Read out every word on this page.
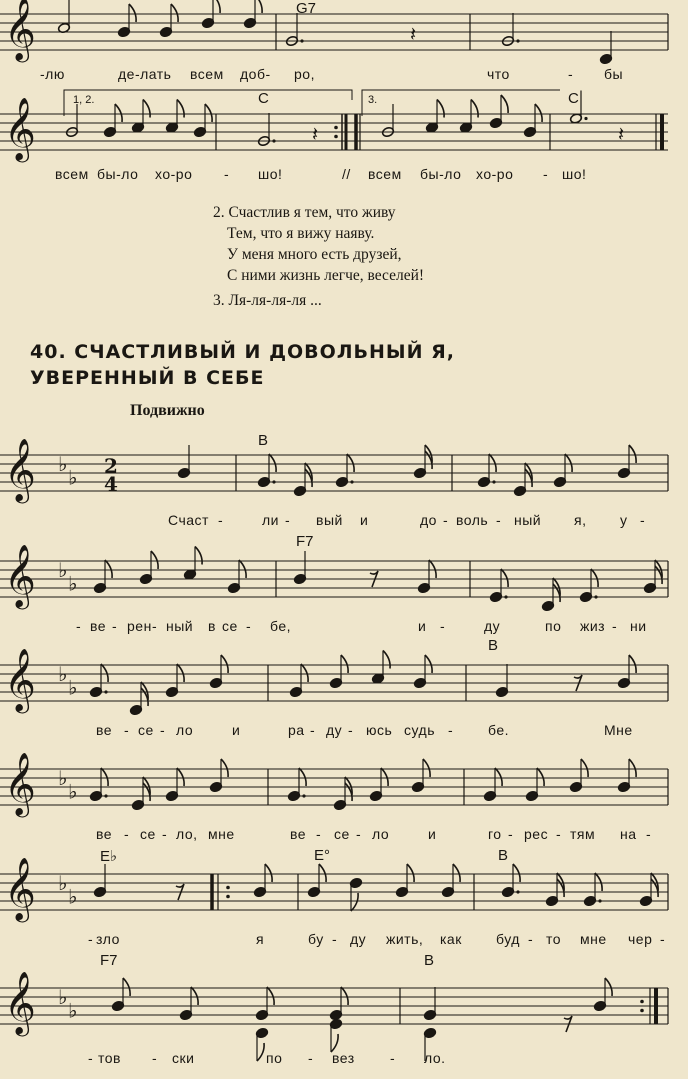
𝄞	𝄽
𝄞	𝄽	𝄽
𝄞 ♭
♭
𝄞 ♭
♭
𝄞 ♭
♭
𝄞 ♭
♭
𝄞 ♭
♭
𝄞 ♭
♭
2
4
G7
C	C
1, 2.	3.
-лю	де-лать всем доб- ро,	что	- бы
всем бы-ло хо-ро - шо!	// всем бы-ло хо-ро - шо!
2. Счастлив я тем, что живу
Тем, что я вижу наяву.
У меня много есть друзей,
С ними жизнь легче, веселей!
3. Ля-ля-ля-ля ...
40. СЧАСТЛИВЫЙ И ДОВОЛЬНЫЙ Я,
УВЕРЕННЫЙ В СЕБЕ
Подвижно
B
F7
B
E♭	E°	B
F7	B
Счаст -	ли - вый и	до - воль - ный я, у -
- ве - рен - ный в се - бе,	и -	ду	по жиз - ни
ве - се - ло	и	ра - ду - юсь судь - бе.	Мне
ве - се - ло, мне	ве - се - ло	и	го - рес - тям на -
- зло	я	бу - ду жить, как буд - то мне чер -
- тов - ски	по - вез	- ло.
